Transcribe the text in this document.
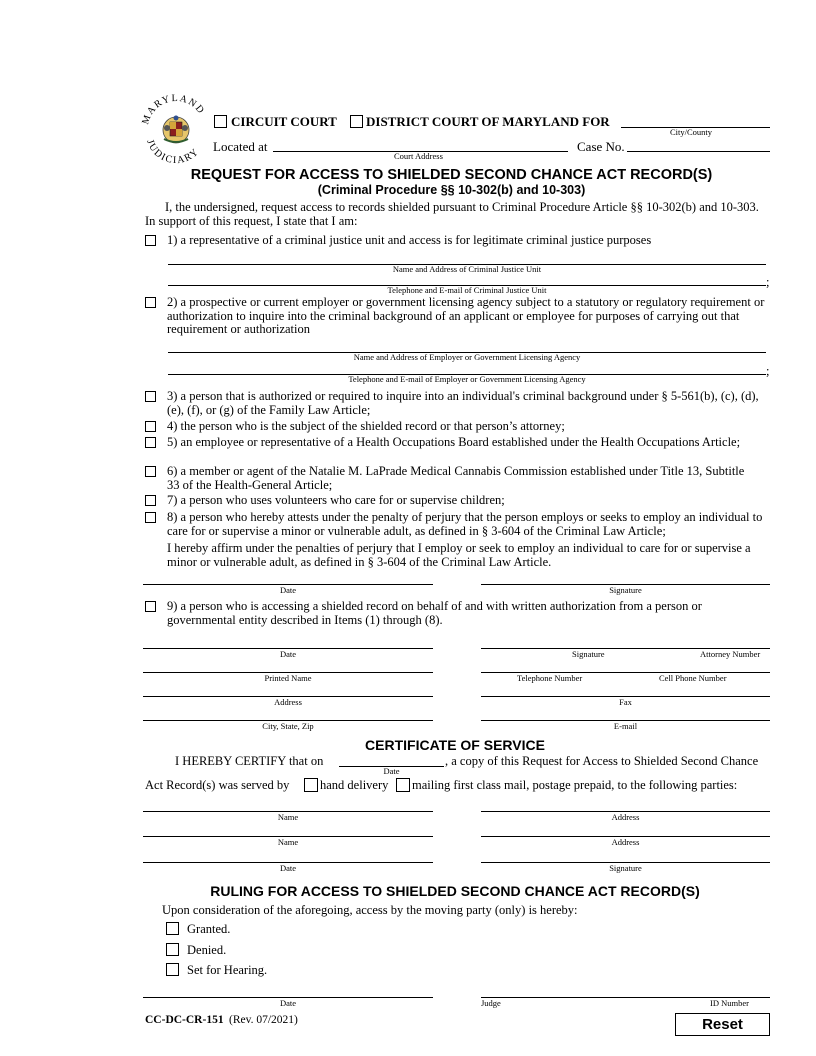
MARYLAND
JUDICIARY
CIRCUIT COURT DISTRICT COURT OF MARYLAND FOR
City/County
Located at
Court Address
Case No.
REQUEST FOR ACCESS TO SHIELDED SECOND CHANCE ACT RECORD(S)
(Criminal Procedure §§ 10-302(b) and 10-303)
I, the undersigned, request access to records shielded pursuant to Criminal Procedure Article §§ 10-302(b) and 10-303. In support of this request, I state that I am:
1) a representative of a criminal justice unit and access is for legitimate criminal justice purposes
Name and Address of Criminal Justice Unit
Telephone and E-mail of Criminal Justice Unit
;
2) a prospective or current employer or government licensing agency subject to a statutory or regulatory requirement or authorization to inquire into the criminal background of an applicant or employee for purposes of carrying out that requirement or authorization
Name and Address of Employer or Government Licensing Agency
Telephone and E-mail of Employer or Government Licensing Agency
;
3) a person that is authorized or required to inquire into an individual's criminal background under § 5-561(b), (c), (d), (e), (f), or (g) of the Family Law Article;
4) the person who is the subject of the shielded record or that person’s attorney;
5) an employee or representative of a Health Occupations Board established under the Health Occupations Article;
6) a member or agent of the Natalie M. LaPrade Medical Cannabis Commission established under Title 13, Subtitle 33 of the Health-General Article;
7) a person who uses volunteers who care for or supervise children;
8) a person who hereby attests under the penalty of perjury that the person employs or seeks to employ an individual to care for or supervise a minor or vulnerable adult, as defined in § 3-604 of the Criminal Law Article;
I hereby affirm under the penalties of perjury that I employ or seek to employ an individual to care for or supervise a minor or vulnerable adult, as defined in § 3-604 of the Criminal Law Article.
Date	Signature
9) a person who is accessing a shielded record on behalf of and with written authorization from a person or governmental entity described in Items (1) through (8).
Date	Signature	Attorney Number
Printed Name	Telephone Number	Cell Phone Number
Address	Fax
City, State, Zip	E-mail
CERTIFICATE OF SERVICE
I HEREBY CERTIFY that on
Date
, a copy of this Request for Access to Shielded Second Chance
Act Record(s) was served by hand delivery mailing first class mail, postage prepaid, to the following parties:
Name	Address
Name	Address
Date	Signature
RULING FOR ACCESS TO SHIELDED SECOND CHANCE ACT RECORD(S)
Upon consideration of the aforegoing, access by the moving party (only) is hereby:
Granted.
Denied.
Set for Hearing.
Date	Judge	ID Number
CC-DC-CR-151 (Rev. 07/2021)	Reset
